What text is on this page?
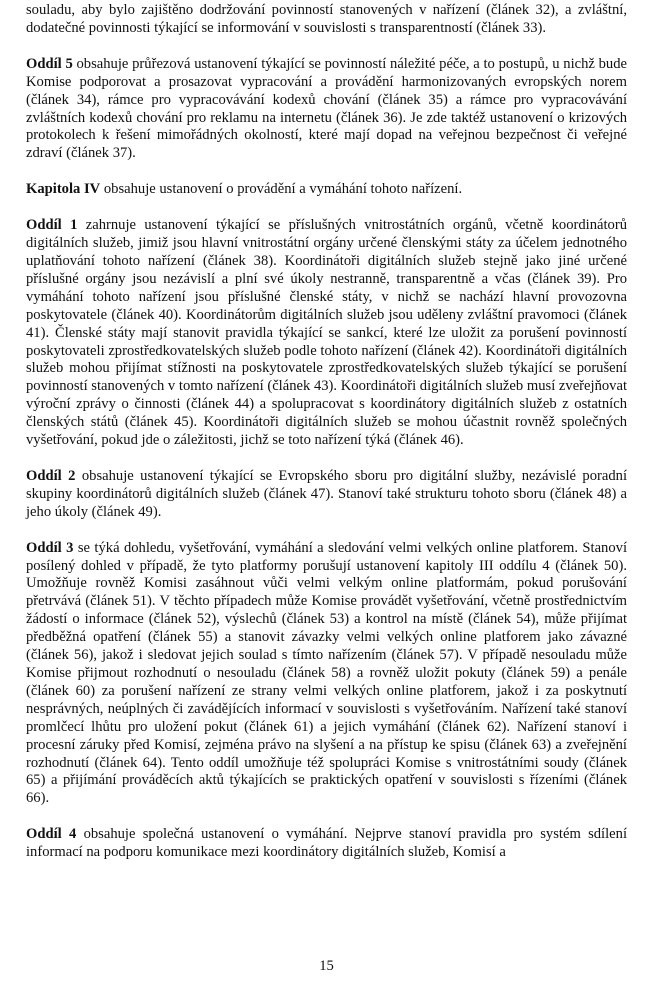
souladu, aby bylo zajištěno dodržování povinností stanovených v nařízení (článek 32), a zvláštní, dodatečné povinnosti týkající se informování v souvislosti s transparentností (článek 33).

Oddíl 5 obsahuje průřezová ustanovení týkající se povinností náležité péče, a to postupů, u nichž bude Komise podporovat a prosazovat vypracování a provádění harmonizovaných evropských norem (článek 34), rámce pro vypracovávání kodexů chování (článek 35) a rámce pro vypracovávání zvláštních kodexů chování pro reklamu na internetu (článek 36). Je zde taktéž ustanovení o krizových protokolech k řešení mimořádných okolností, které mají dopad na veřejnou bezpečnost či veřejné zdraví (článek 37).

Kapitola IV obsahuje ustanovení o provádění a vymáhání tohoto nařízení.

Oddíl 1 zahrnuje ustanovení týkající se příslušných vnitrostátních orgánů, včetně koordinátorů digitálních služeb, jimiž jsou hlavní vnitrostátní orgány určené členskými státy za účelem jednotného uplatňování tohoto nařízení (článek 38). Koordinátoři digitálních služeb stejně jako jiné určené příslušné orgány jsou nezávislí a plní své úkoly nestranně, transparentně a včas (článek 39). Pro vymáhání tohoto nařízení jsou příslušné členské státy, v nichž se nachází hlavní provozovna poskytovatele (článek 40). Koordinátorům digitálních služeb jsou uděleny zvláštní pravomoci (článek 41). Členské státy mají stanovit pravidla týkající se sankcí, které lze uložit za porušení povinností poskytovateli zprostředkovatelských služeb podle tohoto nařízení (článek 42). Koordinátoři digitálních služeb mohou přijímat stížnosti na poskytovatele zprostředkovatelských služeb týkající se porušení povinností stanovených v tomto nařízení (článek 43). Koordinátoři digitálních služeb musí zveřejňovat výroční zprávy o činnosti (článek 44) a spolupracovat s koordinátory digitálních služeb z ostatních členských států (článek 45). Koordinátoři digitálních služeb se mohou účastnit rovněž společných vyšetřování, pokud jde o záležitosti, jichž se toto nařízení týká (článek 46).

Oddíl 2 obsahuje ustanovení týkající se Evropského sboru pro digitální služby, nezávislé poradní skupiny koordinátorů digitálních služeb (článek 47). Stanoví také strukturu tohoto sboru (článek 48) a jeho úkoly (článek 49).

Oddíl 3 se týká dohledu, vyšetřování, vymáhání a sledování velmi velkých online platforem. Stanoví posílený dohled v případě, že tyto platformy porušují ustanovení kapitoly III oddílu 4 (článek 50). Umožňuje rovněž Komisi zasáhnout vůči velmi velkým online platformám, pokud porušování přetrvává (článek 51). V těchto případech může Komise provádět vyšetřování, včetně prostřednictvím žádostí o informace (článek 52), výslechů (článek 53) a kontrol na místě (článek 54), může přijímat předběžná opatření (článek 55) a stanovit závazky velmi velkých online platforem jako závazné (článek 56), jakož i sledovat jejich soulad s tímto nařízením (článek 57). V případě nesouladu může Komise přijmout rozhodnutí o nesouladu (článek 58) a rovněž uložit pokuty (článek 59) a penále (článek 60) za porušení nařízení ze strany velmi velkých online platforem, jakož i za poskytnutí nesprávných, neúplných či zavádějících informací v souvislosti s vyšetřováním. Nařízení také stanoví promlčecí lhůtu pro uložení pokut (článek 61) a jejich vymáhání (článek 62). Nařízení stanoví i procesní záruky před Komisí, zejména právo na slyšení a na přístup ke spisu (článek 63) a zveřejnění rozhodnutí (článek 64). Tento oddíl umožňuje též spolupráci Komise s vnitrostátními soudy (článek 65) a přijímání prováděcích aktů týkajících se praktických opatření v souvislosti s řízeními (článek 66).

Oddíl 4 obsahuje společná ustanovení o vymáhání. Nejprve stanoví pravidla pro systém sdílení informací na podporu komunikace mezi koordinátory digitálních služeb, Komisí a

15
